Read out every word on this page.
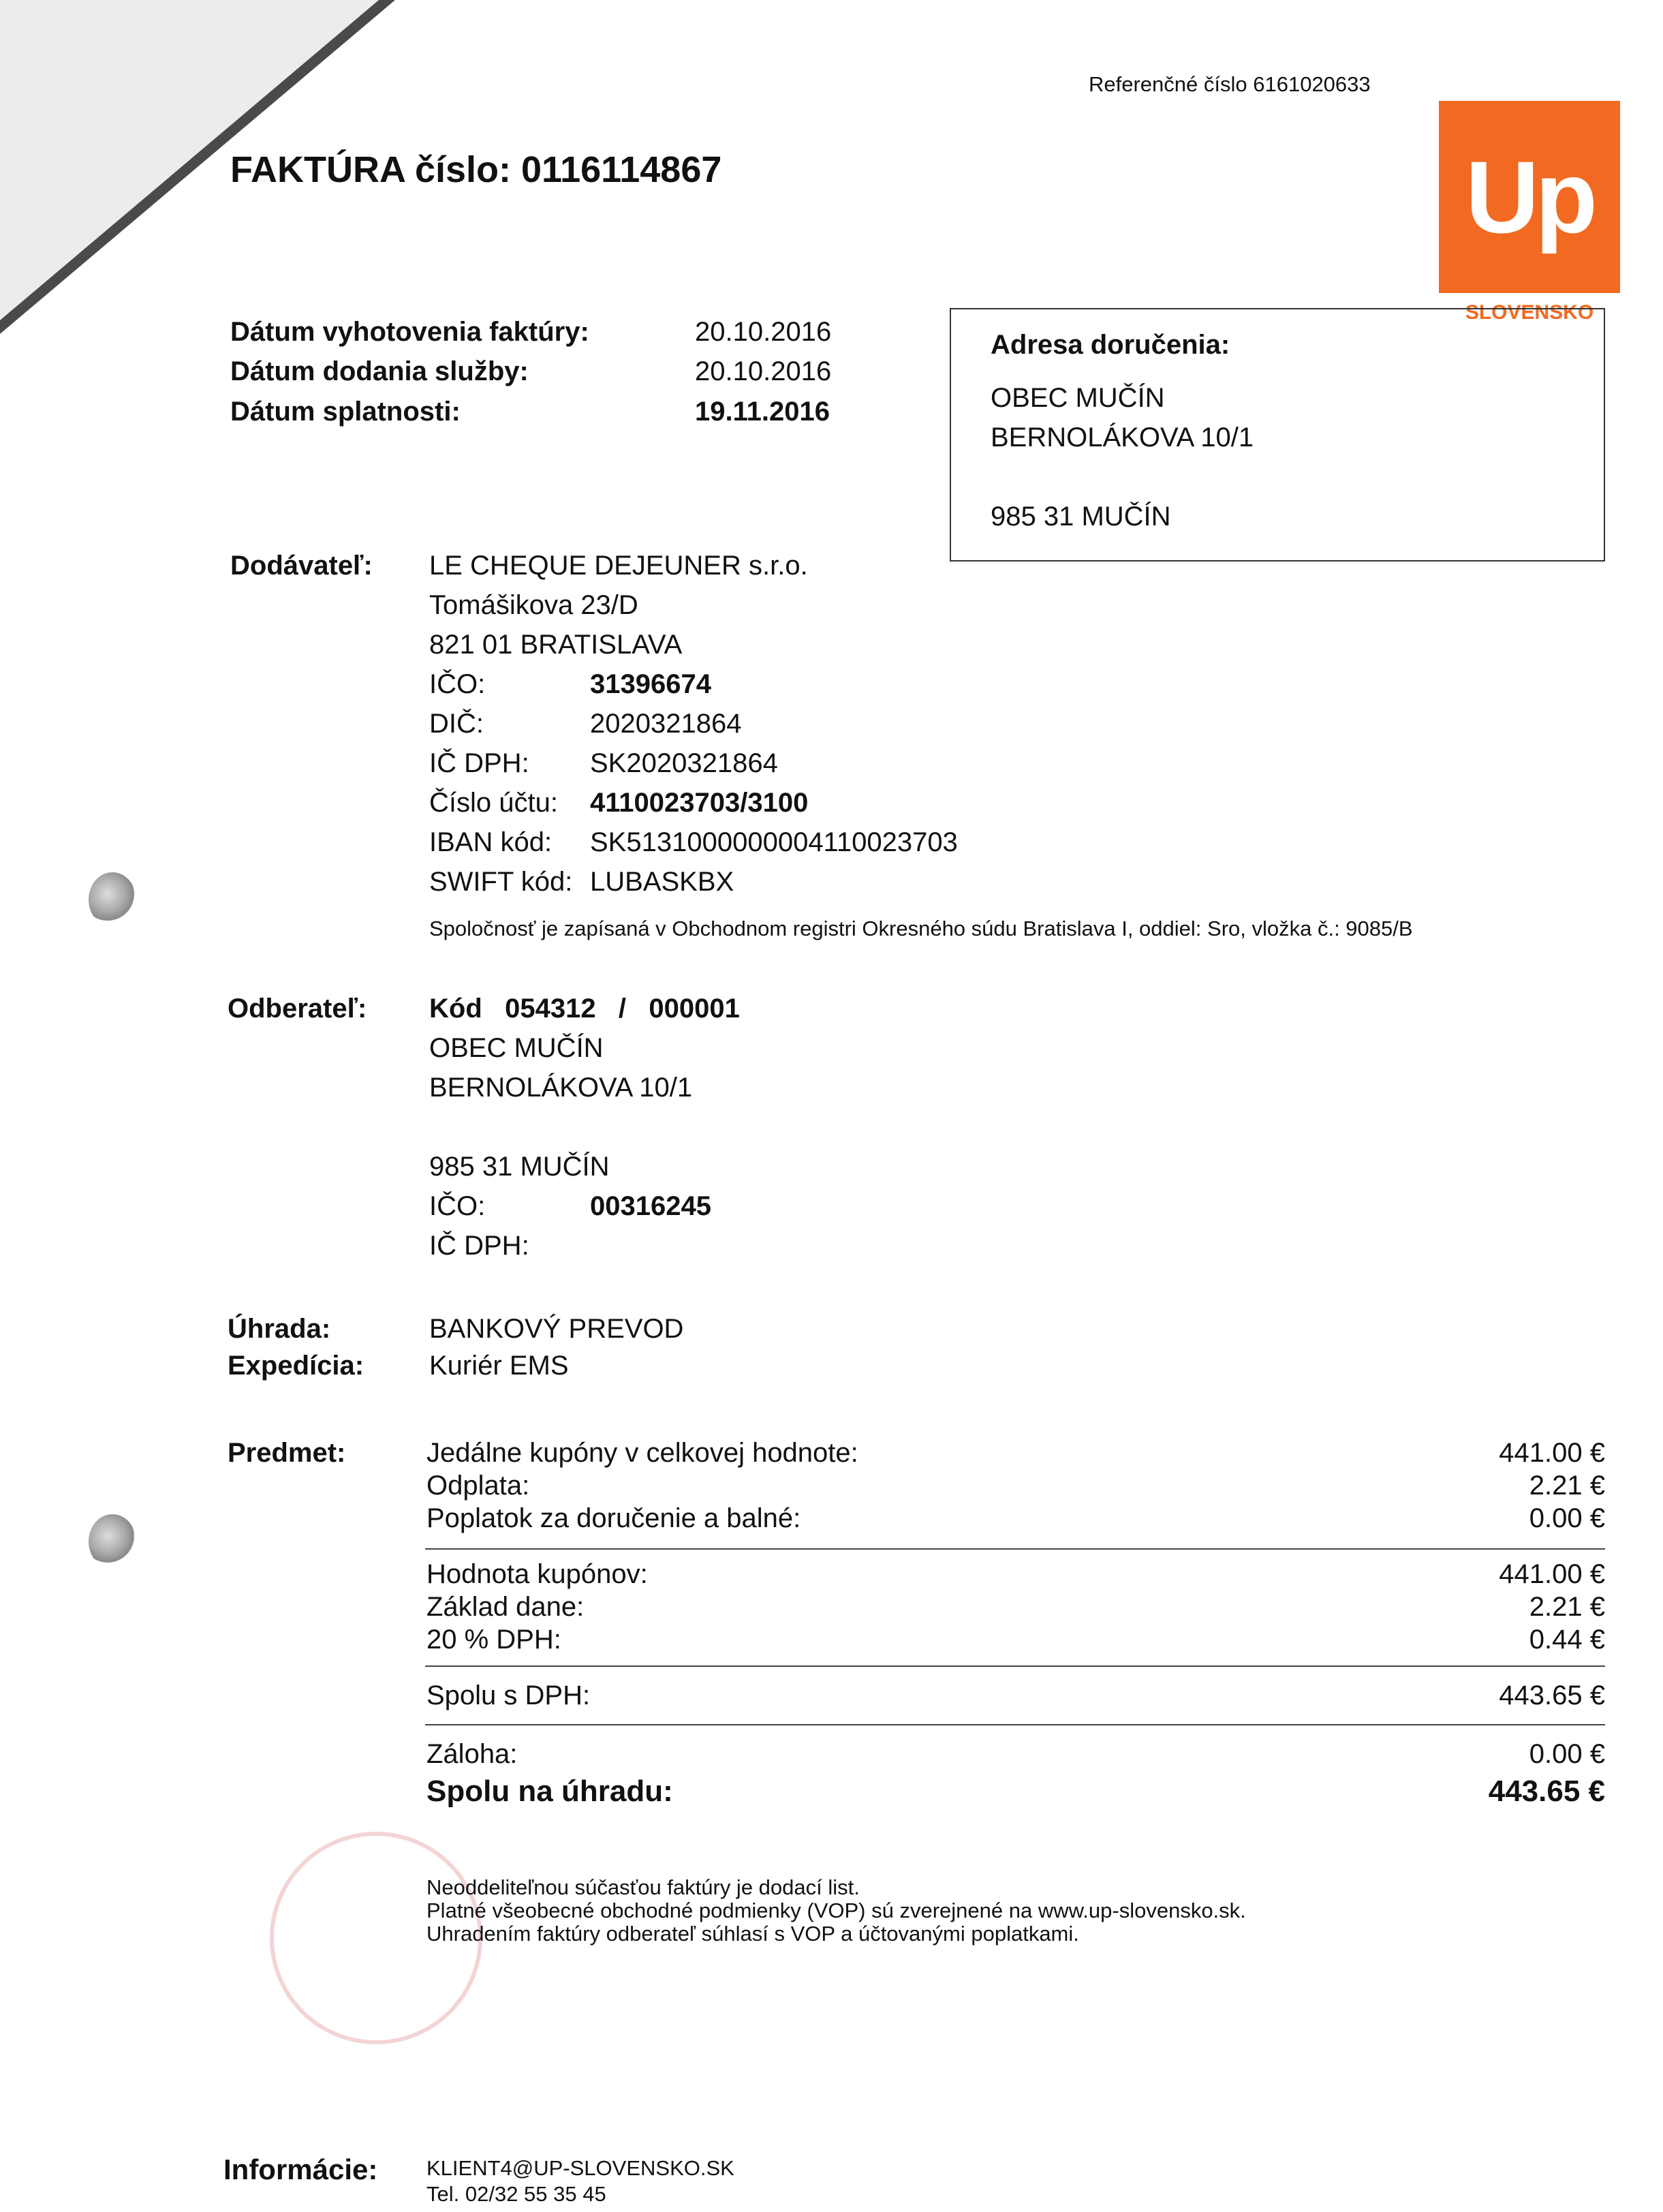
Referenčné číslo 6161020633
FAKTÚRA číslo: 0116114867	Up
SLOVENSKO
Dátum vyhotovenia faktúry:	20.10.2016
Dátum dodania služby:	20.10.2016
Dátum splatnosti:	19.11.2016
Adresa doručenia:
OBEC MUČÍN
BERNOLÁKOVA 10/1
985 31 MUČÍN
Dodávateľ: LE CHEQUE DEJEUNER s.r.o.
Tomášikova 23/D
821 01 BRATISLAVA
IČO:	31396674
DIČ:	2020321864
IČ DPH: SK2020321864
Číslo účtu: 4110023703/3100
IBAN kód: SK5131000000004110023703
SWIFT kód: LUBASKBX
Spoločnosť je zapísaná v Obchodnom registri Okresného súdu Bratislava I, oddiel: Sro, vložka č.: 9085/B
Odberateľ: Kód   054312   /   000001
OBEC MUČÍN
BERNOLÁKOVA 10/1
985 31 MUČÍN
IČO:	00316245
IČ DPH:
Úhrada:	BANKOVÝ PREVOD
Expedícia: Kuriér EMS
Predmet:	Jedálne kupóny v celkovej hodnote:	441.00 €
Odplata:	2.21 €
Poplatok za doručenie a balné:	0.00 €
Hodnota kupónov:	441.00 €
Základ dane:	2.21 €
20 % DPH:	0.44 €
Spolu s DPH:	443.65 €
Záloha:	0.00 €
Spolu na úhradu:	443.65 €
Neoddeliteľnou súčasťou faktúry je dodací list.
Platné všeobecné obchodné podmienky (VOP) sú zverejnené na www.up-slovensko.sk.
Uhradením faktúry odberateľ súhlasí s VOP a účtovanými poplatkami.
Informácie: KLIENT4@UP-SLOVENSKO.SK
Tel. 02/32 55 35 45
